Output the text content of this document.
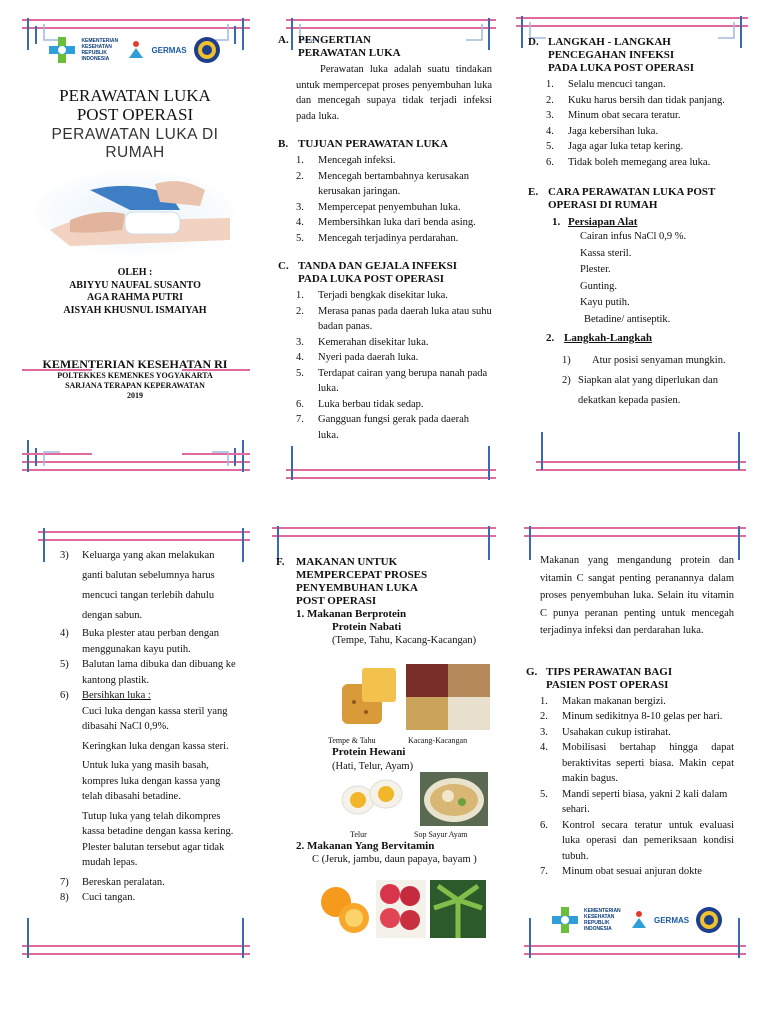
KEMENTERIAN KESEHATAN REPUBLIK INDONESIA
GERMAS
PERAWATAN LUKA
POST OPERASI
PERAWATAN LUKA DI
RUMAH
OLEH :
ABIYYU NAUFAL SUSANTO
AGA RAHMA PUTRI
AISYAH KHUSNUL ISMAIYAH
KEMENTERIAN KESEHATAN RI
POLTEKKES KEMENKES YOGYAKARTA
SARJANA TERAPAN KEPERAWATAN
2019
A. PENGERTIAN
PERAWATAN LUKA

Perawatan luka adalah suatu tindakan untuk mempercepat proses penyembuhan luka dan mencegah supaya tidak terjadi infeksi pada luka.

B. TUJUAN PERAWATAN LUKA
1.	Mencegah infeksi.
2.	Mencegah bertambahnya kerusakan kerusakan jaringan.
3.	Mempercepat penyembuhan luka.
4.	Membersihkan luka dari benda asing.
5.	Mencegah terjadinya perdarahan.
C. TANDA DAN GEJALA INFEKSI
PADA LUKA POST OPERASI
1.	Terjadi bengkak disekitar luka.
2.	Merasa panas pada daerah luka atau suhu badan panas.
3.	Kemerahan disekitar luka.
4.	Nyeri pada daerah luka.
5.	Terdapat cairan yang berupa nanah pada luka.
6.	Luka berbau tidak sedap.
7.	Gangguan fungsi gerak pada daerah luka.
D. LANGKAH - LANGKAH
PENCEGAHAN INFEKSI
PADA LUKA POST OPERASI
1.	Selalu mencuci tangan.
2.	Kuku harus bersih dan tidak panjang.
3.	Minum obat secara teratur.
4.	Jaga kebersihan luka.
5.	Jaga agar luka tetap kering.
6.	Tidak boleh memegang area luka.
E. CARA PERAWATAN LUKA POST
OPERASI DI RUMAH
1. Persiapan Alat
Cairan infus NaCl 0,9 %.
Kassa steril.
Plester.
Gunting.
Kayu putih.
Betadine/ antiseptik.
2. Langkah-Langkah
1)	Atur posisi senyaman mungkin.
2) Siapkan alat yang diperlukan dan dekatkan kepada pasien.
3)	Keluarga yang akan melakukan ganti balutan sebelumnya harus mencuci tangan terlebih dahulu dengan sabun.
4)	Buka plester atau perban dengan menggunakan kayu putih.
5)	Balutan lama dibuka dan dibuang ke kantong plastik.
6)	Bersihkan luka :
Cuci luka dengan kassa steril yang dibasahi NaCl 0,9%.
Keringkan luka dengan kassa steri.
Untuk luka yang masih basah, kompres luka dengan kassa yang telah dibasahi betadine.
Tutup luka yang telah dikompres kassa betadine dengan kassa kering. Plester balutan tersebut agar tidak mudah lepas.
7)	Bereskan peralatan.
8)	Cuci tangan.
F.	MAKANAN UNTUK
MEMPERCEPAT PROSES
PENYEMBUHAN LUKA
POST OPERASI
1. Makanan Berprotein
Protein Nabati
(Tempe, Tahu, Kacang-Kacangan)
Tempe & Tahu	Kacang-Kacangan
Protein Hewani
(Hati, Telur, Ayam)
Telur	Sop Sayur Ayam
2. Makanan Yang Bervitamin
C (Jeruk, jambu, daun papaya, bayam )

Makanan yang mengandung protein dan vitamin C sangat penting peranannya dalam proses penyembuhan luka. Selain itu vitamin C punya peranan penting untuk mencegah terjadinya infeksi dan perdarahan luka.

G. TIPS PERAWATAN BAGI
PASIEN POST OPERASI
1.	Makan makanan bergizi.
2.	Minum sedikitnya 8-10 gelas per hari.
3.	Usahakan cukup istirahat.
4.	Mobilisasi bertahap hingga dapat beraktivitas seperti biasa. Makin cepat makin bagus.
5.	Mandi seperti biasa, yakni 2 kali dalam sehari.
6.	Kontrol secara teratur untuk evaluasi luka operasi dan pemeriksaan kondisi tubuh.
7.	Minum obat sesuai anjuran dokte
KEMENTERIAN KESEHATAN REPUBLIK INDONESIA
GERMAS
